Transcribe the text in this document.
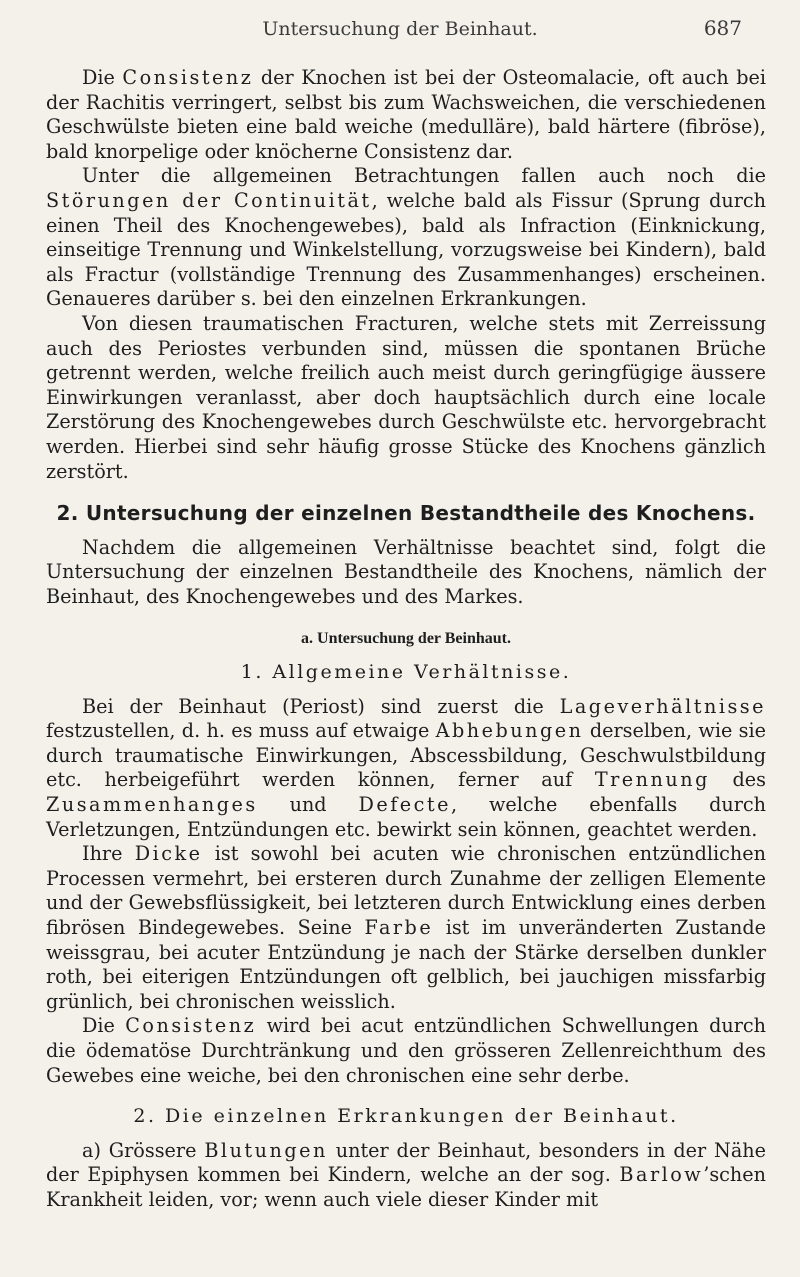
Untersuchung der Beinhaut.	687

Die Consistenz der Knochen ist bei der Osteomalacie, oft auch bei der Rachitis verringert, selbst bis zum Wachsweichen, die verschiedenen Geschwülste bieten eine bald weiche (medulläre), bald härtere (fibröse), bald knorpelige oder knöcherne Consistenz dar.

Unter die allgemeinen Betrachtungen fallen auch noch die Störungen der Continuität, welche bald als Fissur (Sprung durch einen Theil des Knochengewebes), bald als Infraction (Einknickung, einseitige Trennung und Winkelstellung, vorzugsweise bei Kindern), bald als Fractur (vollständige Trennung des Zusammenhanges) erscheinen. Genaueres darüber s. bei den einzelnen Erkrankungen.

Von diesen traumatischen Fracturen, welche stets mit Zerreissung auch des Periostes verbunden sind, müssen die spontanen Brüche getrennt werden, welche freilich auch meist durch geringfügige äussere Einwirkungen veranlasst, aber doch hauptsächlich durch eine locale Zerstörung des Knochengewebes durch Geschwülste etc. hervorgebracht werden. Hierbei sind sehr häufig grosse Stücke des Knochens gänzlich zerstört.

2. Untersuchung der einzelnen Bestandtheile des Knochens.

Nachdem die allgemeinen Verhältnisse beachtet sind, folgt die Untersuchung der einzelnen Bestandtheile des Knochens, nämlich der Beinhaut, des Knochengewebes und des Markes.

a. Untersuchung der Beinhaut.
1. Allgemeine Verhältnisse.

Bei der Beinhaut (Periost) sind zuerst die Lageverhältnisse festzustellen, d. h. es muss auf etwaige Abhebungen derselben, wie sie durch traumatische Einwirkungen, Abscessbildung, Geschwulstbildung etc. herbeigeführt werden können, ferner auf Trennung des Zusammenhanges und Defecte, welche ebenfalls durch Verletzungen, Entzündungen etc. bewirkt sein können, geachtet werden.

Ihre Dicke ist sowohl bei acuten wie chronischen entzündlichen Processen vermehrt, bei ersteren durch Zunahme der zelligen Elemente und der Gewebsflüssigkeit, bei letzteren durch Entwicklung eines derben fibrösen Bindegewebes. Seine Farbe ist im unveränderten Zustande weissgrau, bei acuter Entzündung je nach der Stärke derselben dunkler roth, bei eiterigen Entzündungen oft gelblich, bei jauchigen missfarbig grünlich, bei chronischen weisslich.

Die Consistenz wird bei acut entzündlichen Schwellungen durch die ödematöse Durchtränkung und den grösseren Zellenreichthum des Gewebes eine weiche, bei den chronischen eine sehr derbe.

2. Die einzelnen Erkrankungen der Beinhaut.

a) Grössere Blutungen unter der Beinhaut, besonders in der Nähe der Epiphysen kommen bei Kindern, welche an der sog. Barlow’schen Krankheit leiden, vor; wenn auch viele dieser Kinder mit
